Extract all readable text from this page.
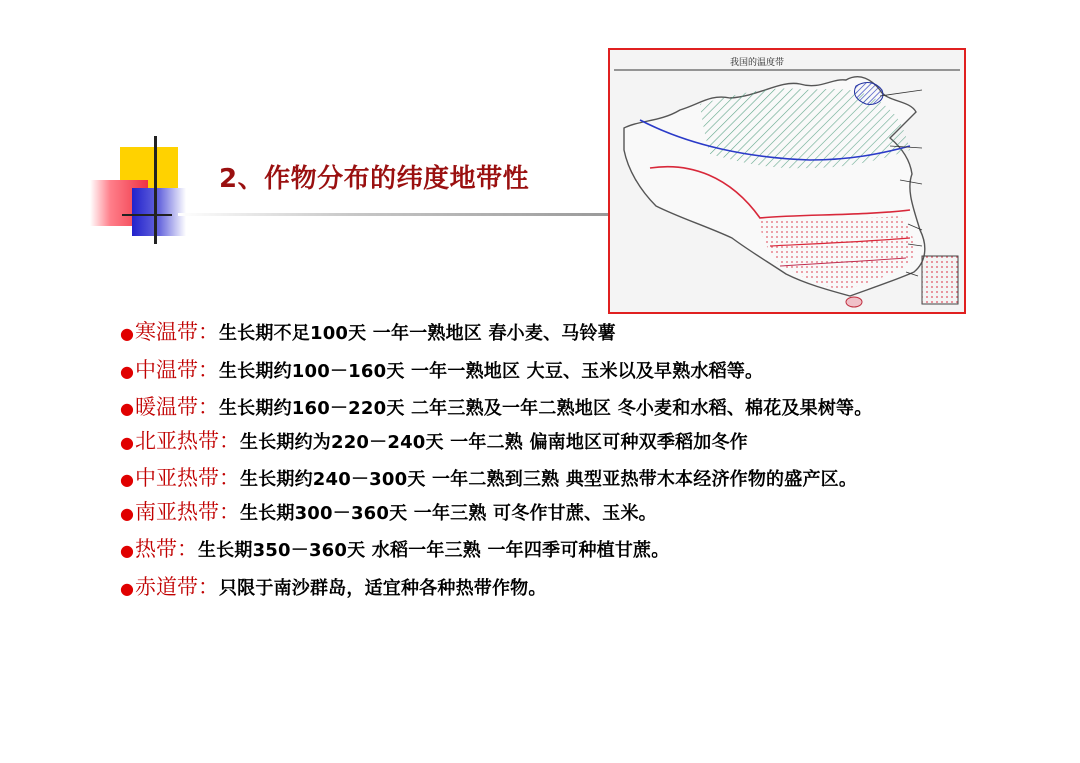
2、作物分布的纬度地带性
我国的温度带
●寒温带：生长期不足100天 一年一熟地区 春小麦、马铃薯
●中温带：生长期约100－160天 一年一熟地区 大豆、玉米以及早熟水稻等。
●暖温带：生长期约160－220天 二年三熟及一年二熟地区 冬小麦和水稻、棉花及果树等。
●北亚热带：生长期约为220－240天 一年二熟 偏南地区可种双季稻加冬作
●中亚热带：生长期约240－300天 一年二熟到三熟 典型亚热带木本经济作物的盛产区。
●南亚热带：生长期300－360天 一年三熟 可冬作甘蔗、玉米。
●热带：生长期350－360天 水稻一年三熟 一年四季可种植甘蔗。
●赤道带：只限于南沙群岛，适宜种各种热带作物。
